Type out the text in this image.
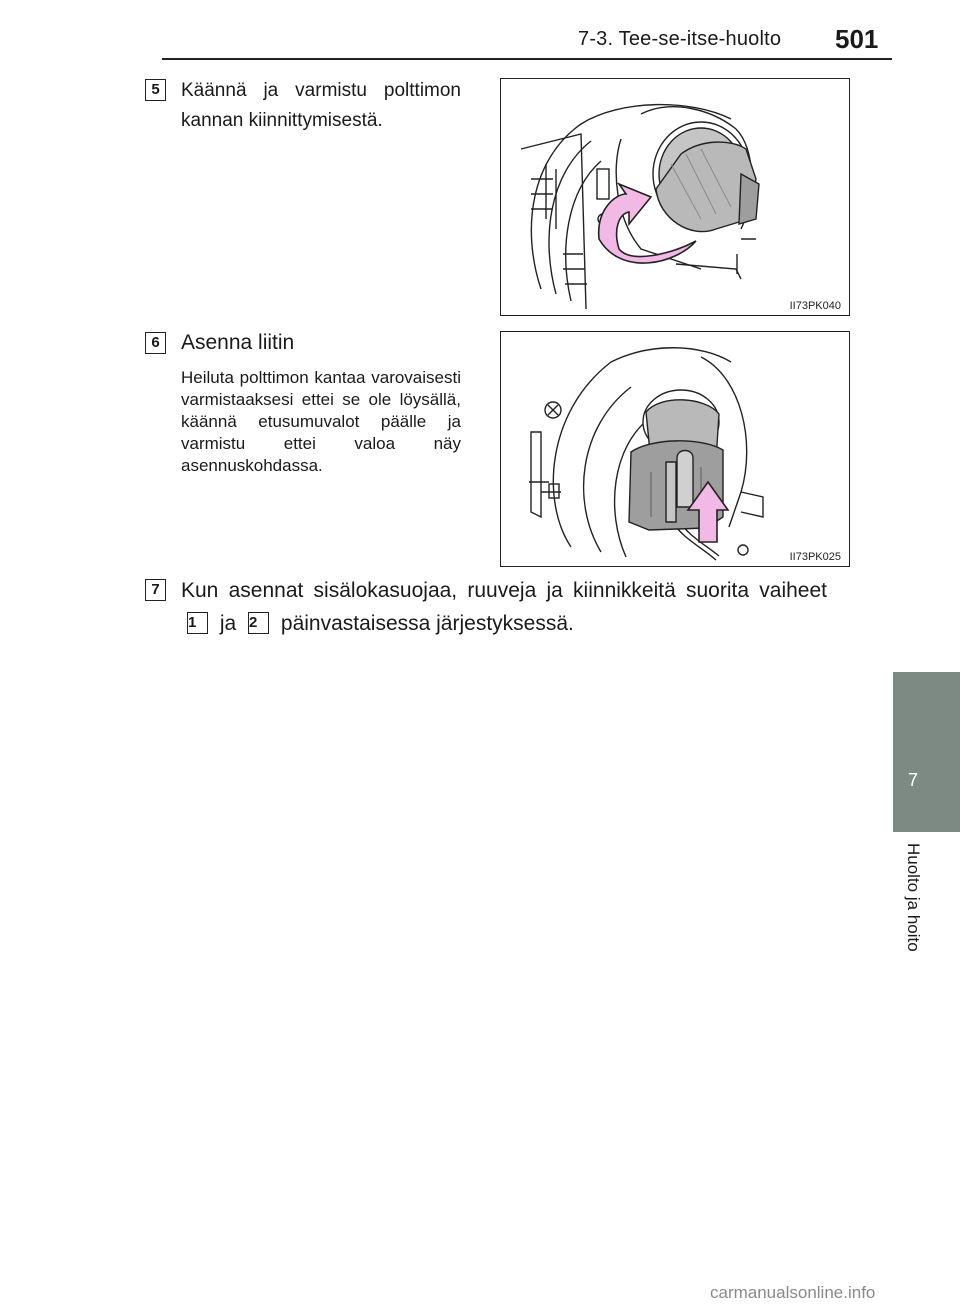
7-3. Tee-se-itse-huolto 501
7
Huolto ja hoito
5	Käännä ja varmistu polttimon kannan kiinnittymisestä.

II73PK040
6	Asenna liitin

Heiluta polttimon kantaa varovaisesti varmistaaksesi ettei se ole löysällä, käännä etusumuvalot päälle ja varmistu ettei valoa näy asennuskohdassa.

II73PK025
7	Kun asennat sisälokasuojaa, ruuveja ja kiinnikkeitä suorita vaiheet 1 ja 2 päinvastaisessa järjestyksessä.
carmanualsonline.info
